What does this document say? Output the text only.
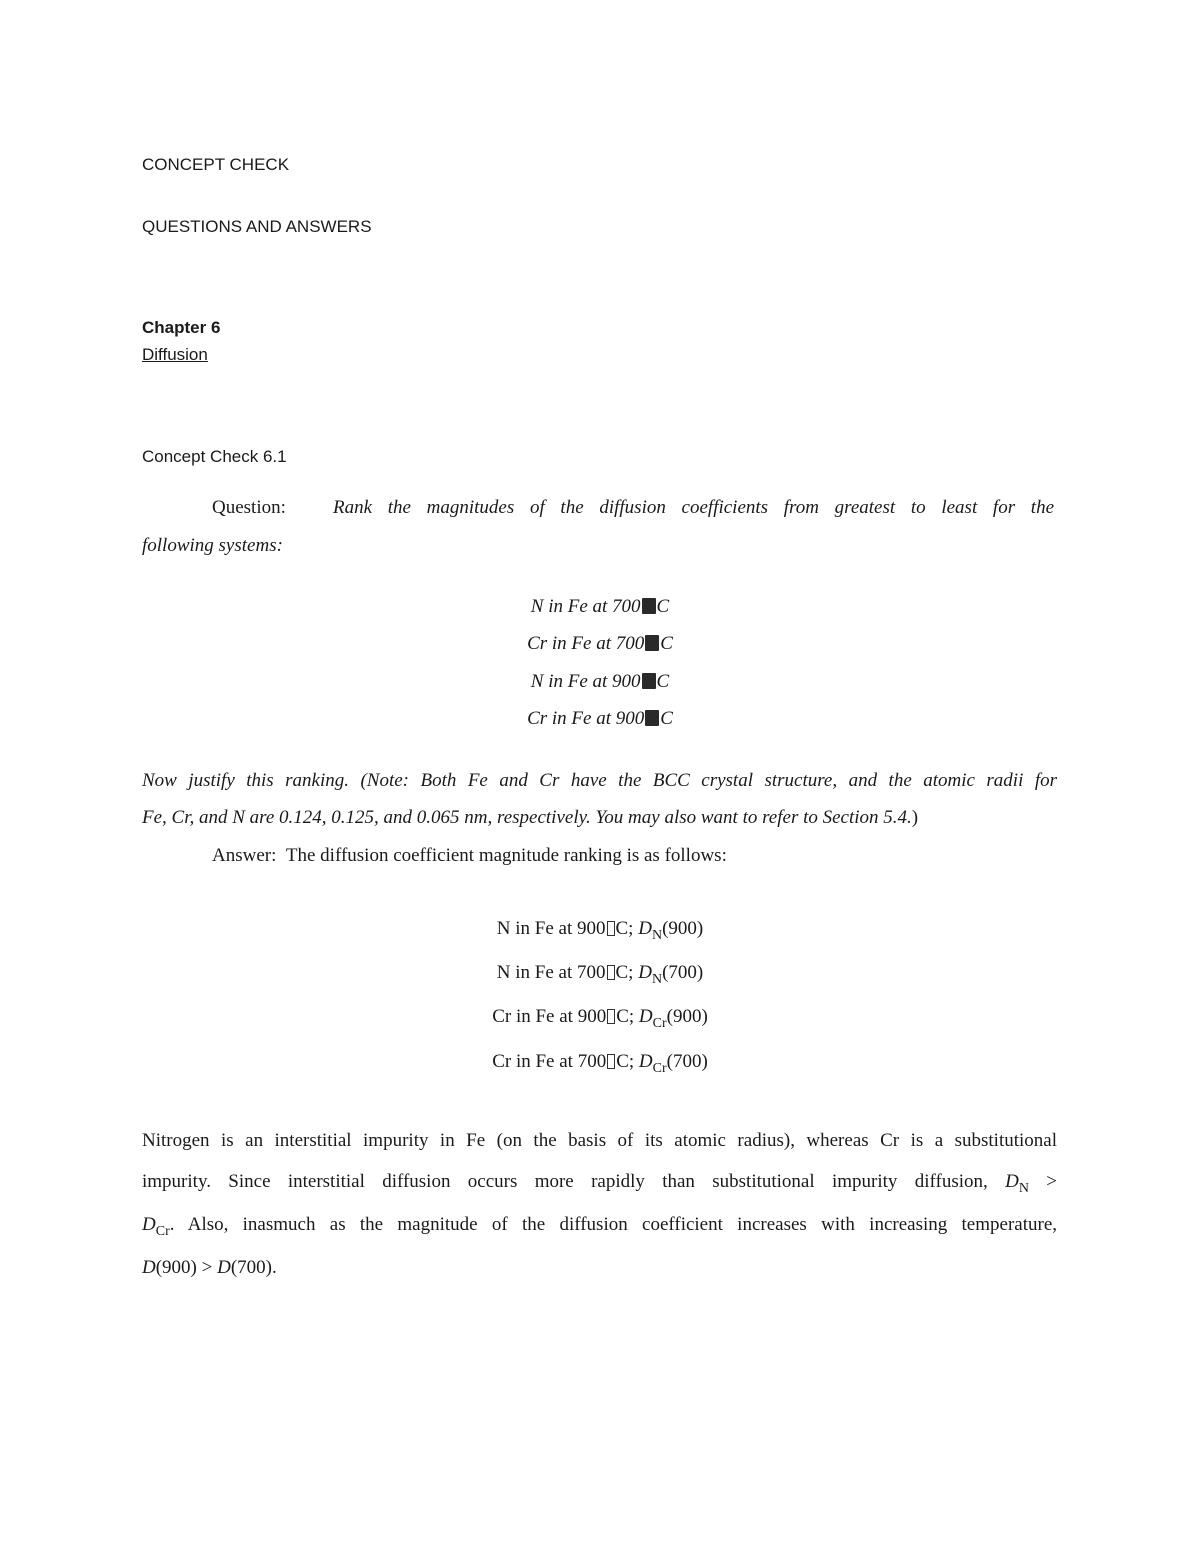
CONCEPT CHECK
QUESTIONS AND ANSWERS
Chapter 6
Diffusion
Concept Check 6.1
Question: Rank the magnitudes of the diffusion coefficients from greatest to least for the
following systems:
N in Fe at 700 C
Cr in Fe at 700 C
N in Fe at 900 C
Cr in Fe at 900 C
Now justify this ranking. (Note: Both Fe and Cr have the BCC crystal structure, and the atomic radii for
Fe, Cr, and N are 0.124, 0.125, and 0.065 nm, respectively. You may also want to refer to Section 5.4.)
Answer: The diffusion coefficient magnitude ranking is as follows:
N in Fe at 900 C; $D_N(900)$
N in Fe at 700 C; $D_N(700)$
Cr in Fe at 900 C; $D_{Cr}(900)$
Cr in Fe at 700 C; $D_{Cr}(700)$
Nitrogen is an interstitial impurity in Fe (on the basis of its atomic radius), whereas Cr is a substitutional
impurity. Since interstitial diffusion occurs more rapidly than substitutional impurity diffusion, $D_N$ >
$D_{Cr}$. Also, inasmuch as the magnitude of the diffusion coefficient increases with increasing temperature,
D(900) > D(700).
